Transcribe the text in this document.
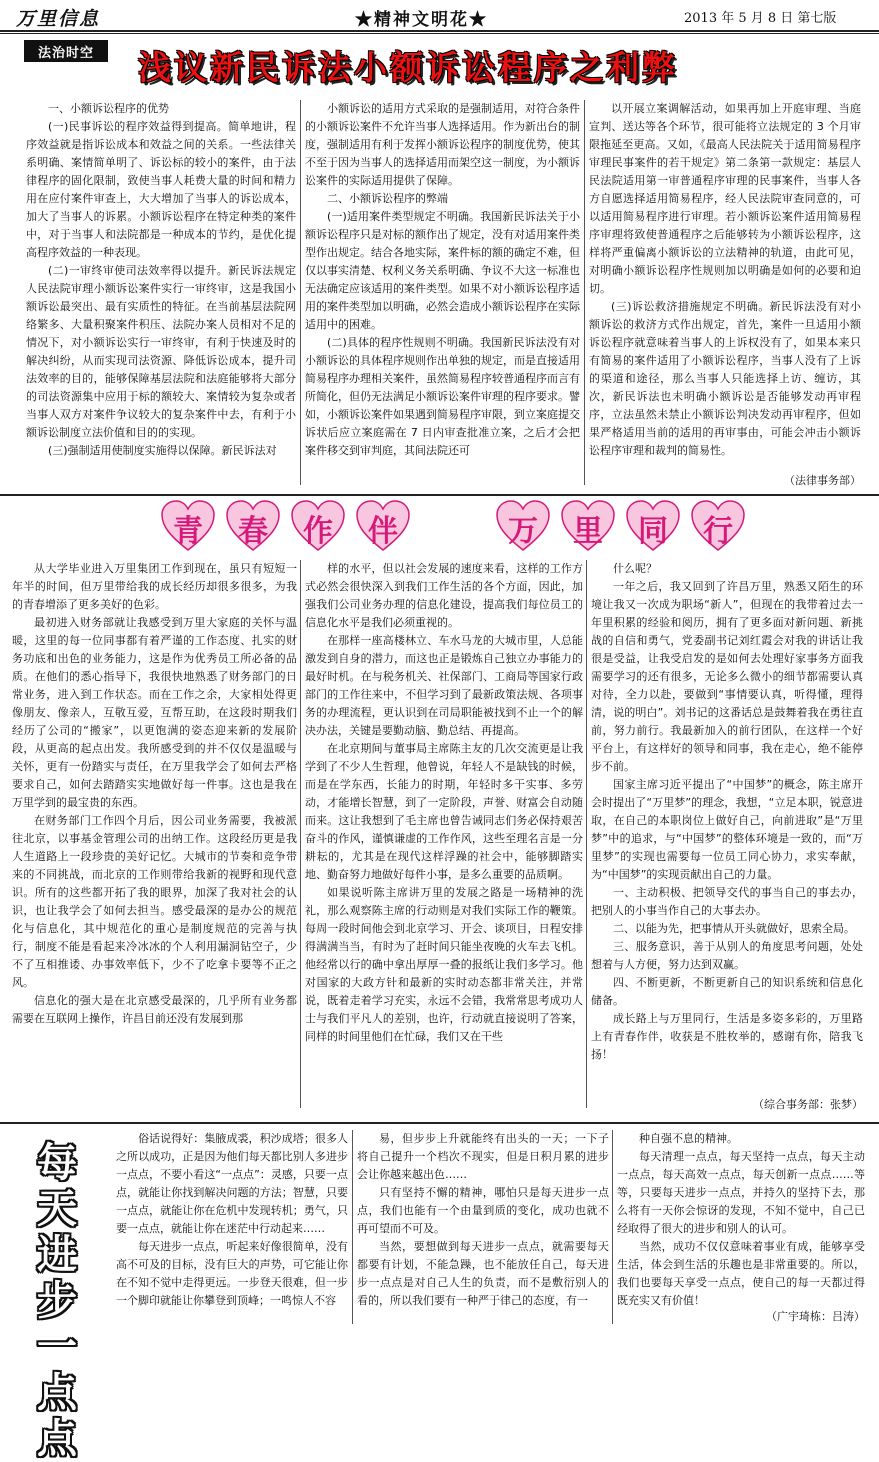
万里信息	★精神文明花★	2013 年 5 月 8 日 第七版
法治时空	浅议新民诉法小额诉讼程序之利弊

一、小额诉讼程序的优势

(一)民事诉讼的程序效益得到提高。简单地讲，程序效益就是指诉讼成本和效益之间的关系。一些法律关系明确、案情简单明了、诉讼标的较小的案件，由于法律程序的固化限制，致使当事人耗费大量的时间和精力用在应付案件审查上，大大增加了当事人的诉讼成本，加大了当事人的诉累。小额诉讼程序在特定种类的案件中，对于当事人和法院都是一种成本的节约，是优化提高程序效益的一种表现。

(二)一审终审使司法效率得以提升。新民诉法规定人民法院审理小额诉讼案件实行一审终审，这是我国小额诉讼最突出、最有实质性的特征。在当前基层法院网络繁多、大量积聚案件积压、法院办案人员相对不足的情况下，对小额诉讼实行一审终审，有利于快速及时的解决纠纷，从而实现司法资源、降低诉讼成本，提升司法效率的目的，能够保障基层法院和法庭能够将大部分的司法资源集中应用于标的额较大、案情较为复杂或者当事人双方对案件争议较大的复杂案件中去，有利于小额诉讼制度立法价值和目的的实现。

(三)强制适用使制度实施得以保障。新民诉法对

小额诉讼的适用方式采取的是强制适用，对符合条件的小额诉讼案件不允许当事人选择适用。作为新出台的制度，强制适用有利于发挥小额诉讼程序的制度优势，使其不至于因为当事人的选择适用而架空这一制度，为小额诉讼案件的实际适用提供了保障。

二、小额诉讼程序的弊端

(一)适用案件类型规定不明确。我国新民诉法关于小额诉讼程序只是对标的额作出了规定，没有对适用案件类型作出规定。结合各地实际，案件标的额的确定不难，但仅以事实清楚、权利义务关系明确、争议不大这一标准也无法确定应该适用的案件类型。如果不对小额诉讼程序适用的案件类型加以明确，必然会造成小额诉讼程序在实际适用中的困难。

(二)具体的程序性规则不明确。我国新民诉法没有对小额诉讼的具体程序规则作出单独的规定，而是直接适用简易程序办理相关案件，虽然简易程序较普通程序而言有所简化，但仍无法满足小额诉讼案件审理的程序要求。譬如，小额诉讼案件如果遇到简易程序审限，到立案庭提交诉状后应立案庭需在 7 日内审查批准立案，之后才会把案件移交到审判庭，其间法院还可

以开展立案调解活动，如果再加上开庭审理、当庭宣判、送达等各个环节，很可能将立法规定的 3 个月审限拖延至更高。又如，《最高人民法院关于适用简易程序审理民事案件的若干规定》第二条第一款规定：基层人民法院适用第一审普通程序审理的民事案件，当事人各方自愿选择适用简易程序，经人民法院审查同意的，可以适用简易程序进行审理。若小额诉讼案件适用简易程序审理将致使普通程序之后能够转为小额诉讼程序，这样将严重偏离小额诉讼的立法精神的轨道，由此可见，对明确小额诉讼程序性规则加以明确是如何的必要和迫切。

(三)诉讼救济措施规定不明确。新民诉法没有对小额诉讼的救济方式作出规定，首先，案件一旦适用小额诉讼程序就意味着当事人的上诉权没有了，如果本来只有简易的案件适用了小额诉讼程序，当事人没有了上诉的渠道和途径，那么当事人只能选择上访、缠访，其次，新民诉法也未明确小额诉讼是否能够发动再审程序，立法虽然未禁止小额诉讼判决发动再审程序，但如果严格适用当前的适用的再审事由，可能会冲击小额诉讼程序审理和裁判的简易性。

（法律事务部）
青	春	作	伴	万	里	同	行

从大学毕业进入万里集团工作到现在，虽只有短短一年半的时间，但万里带给我的成长经历却很多很多，为我的青春增添了更多美好的色彩。

最初进入财务部就让我感受到万里大家庭的关怀与温暖，这里的每一位同事都有着严谨的工作态度、扎实的财务功底和出色的业务能力，这是作为优秀员工所必备的品质。在他们的悉心指导下，我很快地熟悉了财务部门的日常业务，进入到工作状态。而在工作之余，大家相处得更像朋友、像亲人，互敬互爱，互帮互助，在这段时期我们经历了公司的“搬家”，以更饱满的姿态迎来新的发展阶段，从更高的起点出发。我所感受到的并不仅仅是温暖与关怀，更有一份踏实与责任，在万里我学会了如何去严格要求自己，如何去踏踏实实地做好每一件事。这也是我在万里学到的最宝贵的东西。

在财务部门工作四个月后，因公司业务需要，我被派往北京，以事基金管理公司的出纳工作。这段经历更是我人生道路上一段珍贵的美好记忆。大城市的节奏和竞争带来的不同挑战，而北京的工作则带给我新的视野和现代意识。所有的这些都开拓了我的眼界，加深了我对社会的认识，也让我学会了如何去担当。感受最深的是办公的规范化与信息化，其中规范化的重心是制度规范的完善与执行，制度不能是看起来冷冰冰的个人利用漏洞钻空子，少不了互相推诿、办事效率低下，少不了吃拿卡要等不正之风。

信息化的强大是在北京感受最深的，几乎所有业务都需要在互联网上操作，许昌目前还没有发展到那

样的水平，但以社会发展的速度来看，这样的工作方式必然会很快深入到我们工作生活的各个方面，因此，加强我们公司业务办理的信息化建设，提高我们每位员工的信息化水平是我们必须重视的。

在那样一座高楼林立、车水马龙的大城市里，人总能激发到自身的潜力，而这也正是锻炼自己独立办事能力的最好时机。在与税务机关、社保部门、工商局等国家行政部门的工作往来中，不但学习到了最新政策法规、各项事务的办理流程，更认识到在司局职能被找到不止一个的解决办法，关键是要勤动脑、勤总结、再提高。

在北京期间与董事局主席陈主友的几次交流更是让我学到了不少人生哲理，他曾说，年轻人不是缺钱的时候，而是在学东西，长能力的时期，年轻时多干实事、多劳动，才能增长智慧，到了一定阶段，声誉、财富会自动随而来。这让我想到了毛主席也曾告诫同志们务必保持艰苦奋斗的作风，谨慎谦虚的工作作风，这些至理名言是一分耕耘的，尤其是在现代这样浮躁的社会中，能够脚踏实地、勤奋努力地做好每件小事，是多么重要的品质啊。

如果说听陈主席讲万里的发展之路是一场精神的洗礼，那么观察陈主席的行动则是对我们实际工作的鞭策。每周一段时间他会到北京学习、开会、谈项目，日程安排得满满当当，有时为了赶时间只能坐夜晚的火车去飞机。他经常以行的确中拿出厚厚一叠的报纸让我们多学习。他对国家的大政方针和最新的实时动态都非常关注，并常说，既着走着学习充实，永远不会错，我常常思考成功人士与我们平凡人的差别，也许，行动就直接说明了答案，同样的时间里他们在忙碌，我们又在干些

什么呢？

一年之后，我又回到了许昌万里，熟悉又陌生的环境让我又一次成为职场“新人”，但现在的我带着过去一年里积累的经验和阅历，拥有了更多面对新问题、新挑战的自信和勇气，党委副书记刘红霞会对我的讲话让我很是受益，让我受启发的是如何去处理好家事务方面我需要学习的还有很多，无论多么微小的细节都需要认真对待，全力以赴，要做到“事情要认真，听得懂，理得清，说的明白”。刘书记的这番话总是鼓舞着我在勇往直前，努力前行。我最新加入的前行团队，在这样一个好平台上，有这样好的领导和同事，我在走心，绝不能停步不前。

国家主席习近平提出了“中国梦”的概念，陈主席开会时提出了“万里梦”的理念，我想，“立足本职，锐意进取，在自己的本职岗位上做好自己，向前进取”是“万里梦”中的追求，与“中国梦”的整体环境是一致的，而“万里梦”的实现也需要每一位员工同心协力，求实奉献，为“中国梦”的实现贡献出自己的力量。

一、主动积极、把领导交代的事当自己的事去办，把别人的小事当作自己的大事去办。

二、以能为先，把事情从开头就做好，思索全局。

三、服务意识，善于从别人的角度思考问题，处处想着与人方便，努力达到双赢。

四、不断更新，不断更新自己的知识系统和信息化储备。

成长路上与万里同行，生活是多姿多彩的，万里路上有青春作伴，收获是不胜枚举的，感谢有你，陪我飞扬！

（综合事务部：张梦）
每
天
进
步
一
点
点

俗话说得好：集腋成裘，积沙成塔；很多人之所以成功，正是因为他们每天都比别人多进步一点点，不要小看这“一点点”：灵感，只要一点点，就能让你找到解决问题的方法；智慧，只要一点点，就能让你在危机中发现转机；勇气，只要一点点，就能让你在迷茫中行动起来……

每天进步一点点，听起来好像很简单，没有高不可及的目标，没有巨大的声势，可它能让你在不知不觉中走得更远。一步登天很难，但一步一个脚印就能让你攀登到顶峰；一鸣惊人不容

易，但步步上升就能终有出头的一天；一下子将自己提升一个档次不现实，但是日积月累的进步会让你越来越出色……

只有坚持不懈的精神，哪怕只是每天进步一点点，我们也能有一个由量到质的变化，成功也就不再可望而不可及。

当然，要想做到每天进步一点点，就需要每天都要有计划，不能急躁，也不能放任自己，每天进步一点点是对自己人生的负责，而不是敷衍别人的看的，所以我们要有一种严于律己的态度，有一

种自强不息的精神。

每天清理一点点，每天坚持一点点，每天主动一点点，每天高效一点点，每天创新一点点……等等，只要每天进步一点点，并持久的坚持下去，那么将有一天你会惊讶的发现，不知不觉中，自己已经取得了很大的进步和别人的认可。

当然，成功不仅仅意味着事业有成，能够享受生活，体会到生活的乐趣也是非常重要的。所以，我们也要每天享受一点点，使自己的每一天都过得既充实又有价值！

（广宇琦栋：吕涛）
